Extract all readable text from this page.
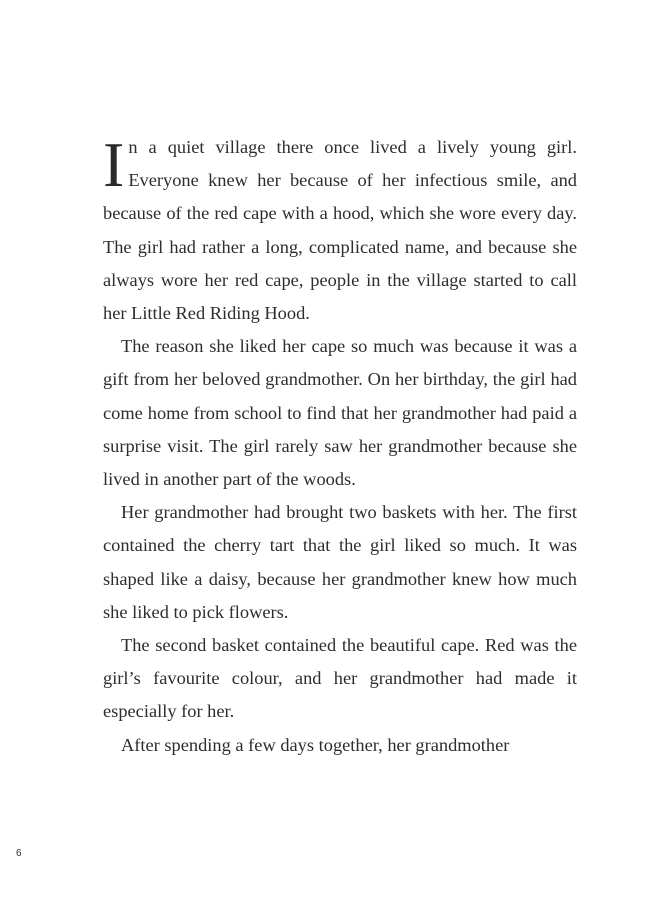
In a quiet village there once lived a lively young girl. Everyone knew her because of her infectious smile, and because of the red cape with a hood, which she wore every day. The girl had rather a long, complicated name, and because she always wore her red cape, people in the village started to call her Little Red Riding Hood.

The reason she liked her cape so much was because it was a gift from her beloved grandmother. On her birthday, the girl had come home from school to find that her grandmother had paid a surprise visit. The girl rarely saw her grandmother because she lived in another part of the woods.

Her grandmother had brought two baskets with her. The first contained the cherry tart that the girl liked so much. It was shaped like a daisy, because her grandmother knew how much she liked to pick flowers.

The second basket contained the beautiful cape. Red was the girl’s favourite colour, and her grandmother had made it especially for her.

After spending a few days together, her grandmother

6
